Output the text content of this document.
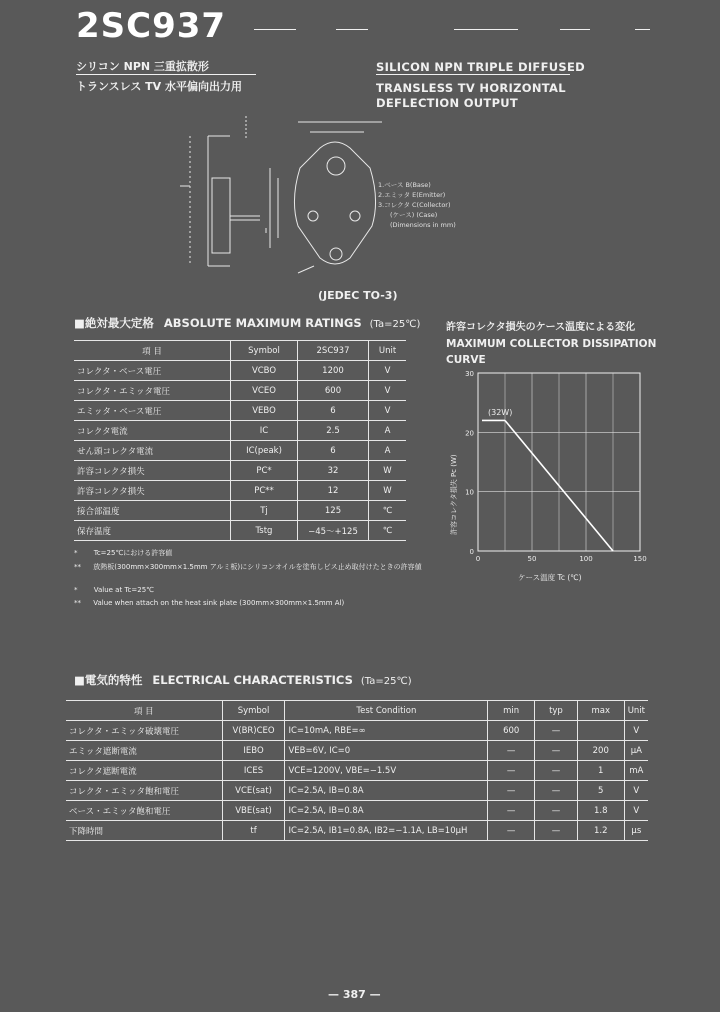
2SC937
シリコン NPN 三重拡散形
トランスレス TV 水平偏向出力用
SILICON NPN TRIPLE DIFFUSED
TRANSLESS TV HORIZONTAL
DEFLECTION OUTPUT
1.ベース B(Base)
2.エミッタ E(Emitter)
3.コレクタ C(Collector)
(ケース) (Case)
(Dimensions in mm)
(JEDEC TO-3)
■絶対最大定格 ABSOLUTE MAXIMUM RATINGS (Ta=25℃)
項 目	Symbol	2SC937	Unit
コレクタ・ベース電圧	VCBO	1200	V
コレクタ・エミッタ電圧	VCEO	600	V
エミッタ・ベース電圧	VEBO	6	V
コレクタ電流	IC	2.5	A
せん頭コレクタ電流	IC(peak)	6	A
許容コレクタ損失	PC*	32	W
許容コレクタ損失	PC**	12	W
接合部温度	Tj	125	℃
保存温度	Tstg	−45〜+125	℃
* Tc=25℃における許容値
** 放熱板(300mm×300mm×1.5mm アルミ板)にシリコンオイルを塗布しビス止め取付けたときの許容値
* Value at Tc=25℃
** Value when attach on the heat sink plate (300mm×300mm×1.5mm Al)
許容コレクタ損失のケース温度による変化
MAXIMUM COLLECTOR DISSIPATION
CURVE
0	50	100	150
0
10
20
30
(32W)
許容コレクタ損失 Pc (W)
ケース温度 Tc (℃)
■電気的特性 ELECTRICAL CHARACTERISTICS (Ta=25℃)
項 目	Symbol	Test Condition	min	typ	max	Unit
コレクタ・エミッタ破壊電圧	V(BR)CEO	IC=10mA, RBE=∞	600	—		V
エミッタ遮断電流	IEBO	VEB=6V, IC=0	—	—	200	μA
コレクタ遮断電流	ICES	VCE=1200V, VBE=−1.5V	—	—	1	mA
コレクタ・エミッタ飽和電圧	VCE(sat)	IC=2.5A, IB=0.8A	—	—	5	V
ベース・エミッタ飽和電圧	VBE(sat)	IC=2.5A, IB=0.8A	—	—	1.8	V
下降時間	tf	IC=2.5A, IB1=0.8A, IB2=−1.1A, LB=10μH	—	—	1.2	μs
— 387 —
